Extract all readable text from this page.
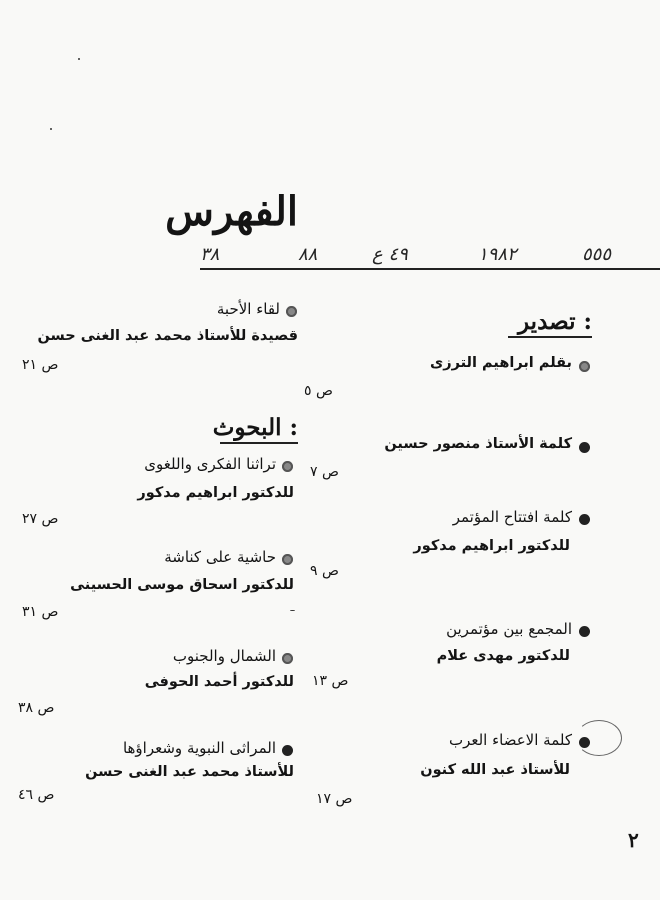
الفهرس
٣٨	٨٨	٤٩ ع	١٩٨٢	٥٥٥
تصدير :
بقلم ابراهيم الترزى
ص ٥
كلمة الأستاذ منصور حسين
ص ٧
كلمة افتتاح المؤتمر
للدكتور ابراهيم مدكور
ص ٩
المجمع بين مؤتمرين
للدكتور مهدى علام
ص ١٣
كلمة الاعضاء العرب
للأستاذ عبد الله كنون
ص ١٧
لقاء الأحبة
قصيدة للأستاذ محمد عبد الغنى حسن
ص ٢١
البحوث :
تراثنا الفكرى واللغوى
للدكتور ابراهيم مدكور
ص ٢٧
حاشية على كناشة
للدكتور اسحاق موسى الحسينى
ص ٣١
الشمال والجنوب
للدكتور أحمد الحوفى
ص ٣٨
المراثى النبوية وشعراؤها
للأستاذ محمد عبد الغنى حسن
ص ٤٦
٢
